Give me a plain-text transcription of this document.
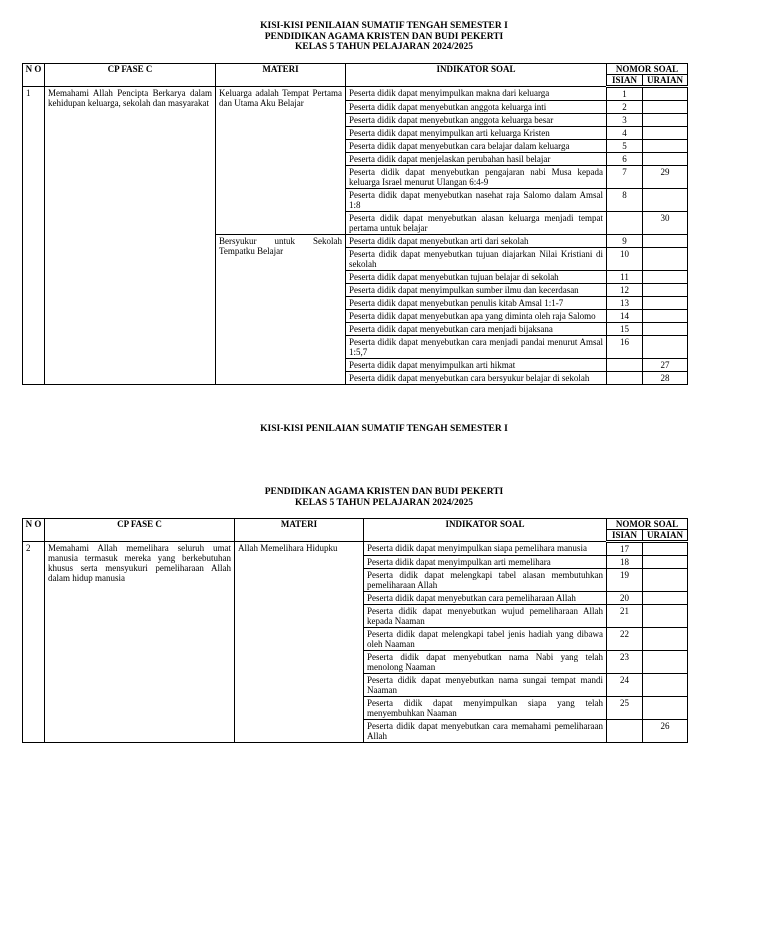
KISI-KISI PENILAIAN SUMATIF TENGAH SEMESTER I
PENDIDIKAN AGAMA KRISTEN DAN BUDI PEKERTI
KELAS 5 TAHUN PELAJARAN 2024/2025
N O	CP FASE C	MATERI	INDIKATOR SOAL	NOMOR SOAL	
				ISIAN	URAIAN
1	Memahami Allah Pencipta Berkarya dalam kehidupan keluarga, sekolah dan masyarakat	Keluarga adalah Tempat Pertama dan Utama Aku Belajar	Peserta didik dapat menyimpulkan makna dari keluarga	1	
			Peserta didik dapat menyebutkan anggota keluarga inti	2	
			Peserta didik dapat menyebutkan anggota keluarga besar	3	
			Peserta didik dapat menyimpulkan arti keluarga Kristen	4	
			Peserta didik dapat menyebutkan cara belajar dalam keluarga	5	
			Peserta didik dapat menjelaskan perubahan hasil belajar	6	
			Peserta didik dapat menyebutkan pengajaran nabi Musa kepada keluarga Israel menurut Ulangan 6:4-9	7	29
			Peserta didik dapat menyebutkan nasehat raja Salomo dalam Amsal 1:8	8	
			Peserta didik dapat menyebutkan alasan keluarga menjadi tempat pertama untuk belajar		30
		Bersyukur untuk Sekolah Tempatku Belajar	Peserta didik dapat menyebutkan arti dari sekolah	9	
			Peserta didik dapat menyebutkan tujuan diajarkan Nilai Kristiani di sekolah	10	
			Peserta didik dapat menyebutkan tujuan belajar di sekolah	11	
			Peserta didik dapat menyimpulkan sumber ilmu dan kecerdasan	12	
			Peserta didik dapat menyebutkan penulis kitab Amsal 1:1-7	13	
			Peserta didik dapat menyebutkan apa yang diminta oleh raja Salomo	14	
			Peserta didik dapat menyebutkan cara menjadi bijaksana	15	
			Peserta didik dapat menyebutkan cara menjadi pandai menurut Amsal 1:5,7	16	
			Peserta didik dapat menyimpulkan arti hikmat		27
			Peserta didik dapat menyebutkan cara bersyukur belajar di sekolah		28
KISI-KISI PENILAIAN SUMATIF TENGAH SEMESTER I
PENDIDIKAN AGAMA KRISTEN DAN BUDI PEKERTI
KELAS 5 TAHUN PELAJARAN 2024/2025
N O	CP FASE C	MATERI	INDIKATOR SOAL	NOMOR SOAL	
				ISIAN	URAIAN
2	Memahami Allah memelihara seluruh umat manusia termasuk mereka yang berkebutuhan khusus serta mensyukuri pemeliharaan Allah dalam hidup manusia	Allah Memelihara Hidupku	Peserta didik dapat menyimpulkan siapa pemelihara manusia	17	
			Peserta didik dapat menyimpulkan arti memelihara	18	
			Peserta didik dapat melengkapi tabel alasan membutuhkan pemeliharaan Allah	19	
			Peserta didik dapat menyebutkan cara pemeliharaan Allah	20	
			Peserta didik dapat menyebutkan wujud pemeliharaan Allah kepada Naaman	21	
			Peserta didik dapat melengkapi tabel jenis hadiah yang dibawa oleh Naaman	22	
			Peserta didik dapat menyebutkan nama Nabi yang telah menolong Naaman	23	
			Peserta didik dapat menyebutkan nama sungai tempat mandi Naaman	24	
			Peserta didik dapat menyimpulkan siapa yang telah menyembuhkan Naaman	25	
			Peserta didik dapat menyebutkan cara memahami pemeliharaan Allah		26
